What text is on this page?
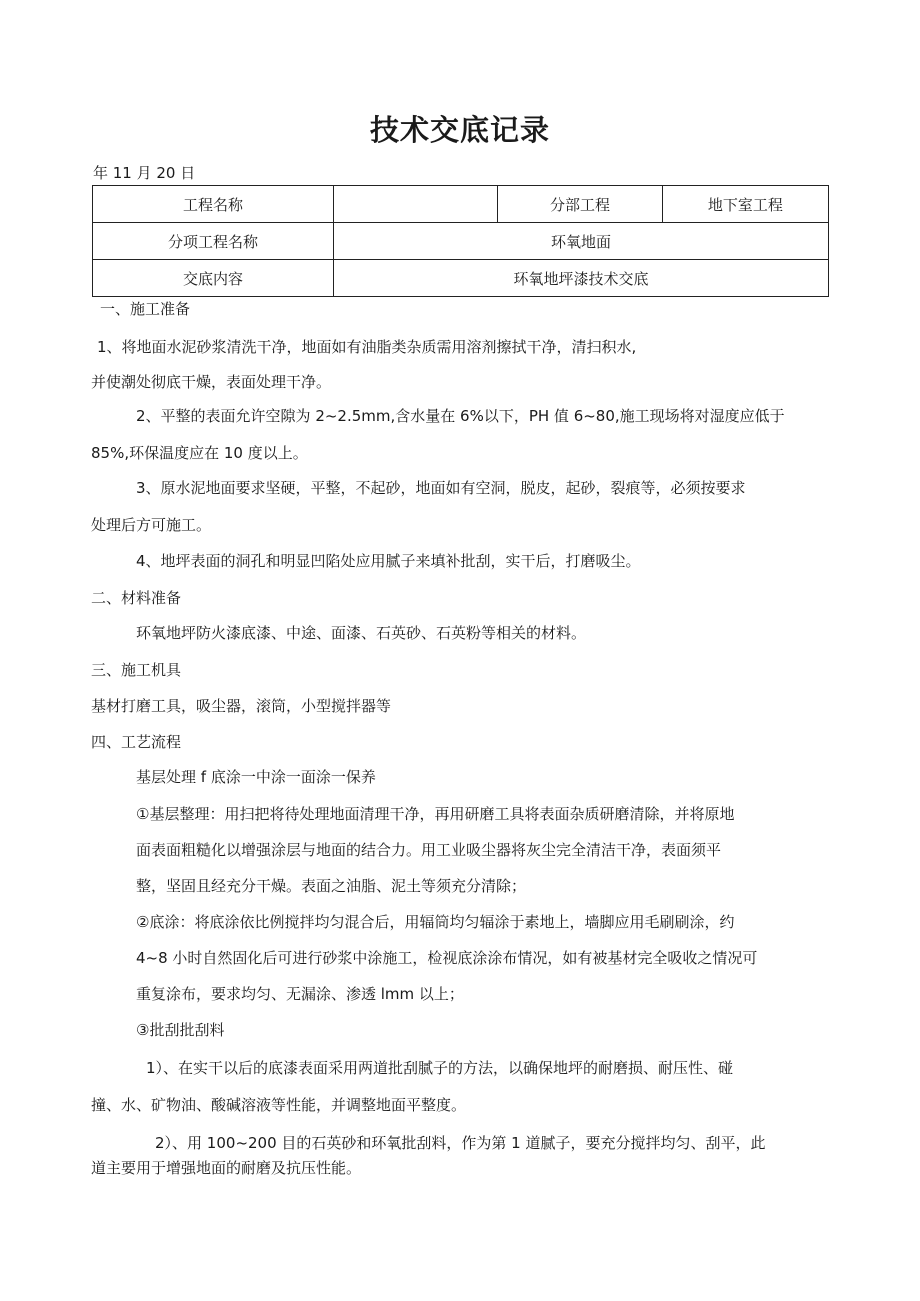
技术交底记录
年 11 月 20 日
工程名称		分部工程	地下室工程
分项工程名称	环氧地面		
交底内容	环氧地坪漆技术交底		
一、施工准备
1、将地面水泥砂浆清洗干净，地面如有油脂类杂质需用溶剂擦拭干净，清扫积水,
并使潮处彻底干燥，表面处理干净。
2、平整的表面允许空隙为 2~2.5mm,含水量在 6%以下，PH 值 6~80,施工现场将对湿度应低于
85%,环保温度应在 10 度以上。
3、原水泥地面要求坚硬，平整，不起砂，地面如有空洞，脱皮，起砂，裂痕等，必须按要求
处理后方可施工。
4、地坪表面的洞孔和明显凹陷处应用腻子来填补批刮，实干后，打磨吸尘。
二、材料准备
环氧地坪防火漆底漆、中途、面漆、石英砂、石英粉等相关的材料。
三、施工机具
基材打磨工具，吸尘器，滚筒，小型搅拌器等
四、工艺流程
基层处理 f 底涂一中涂一面涂一保养
①基层整理：用扫把将待处理地面清理干净，再用研磨工具将表面杂质研磨清除，并将原地
面表面粗糙化以增强涂层与地面的结合力。用工业吸尘器将灰尘完全清洁干净，表面须平
整，坚固且经充分干燥。表面之油脂、泥土等须充分清除；
②底涂：将底涂依比例搅拌均匀混合后，用辐筒均匀辐涂于素地上，墙脚应用毛刷刷涂，约
4~8 小时自然固化后可进行砂浆中涂施工，检视底涂涂布情况，如有被基材完全吸收之情况可
重复涂布，要求均匀、无漏涂、渗透 lmm 以上；
③批刮批刮料
1）、在实干以后的底漆表面采用两道批刮腻子的方法，以确保地坪的耐磨损、耐压性、碰
撞、水、矿物油、酸碱溶液等性能，并调整地面平整度。
2）、用 100~200 目的石英砂和环氧批刮料，作为第 1 道腻子，要充分搅拌均匀、刮平，此
道主要用于增强地面的耐磨及抗压性能。
